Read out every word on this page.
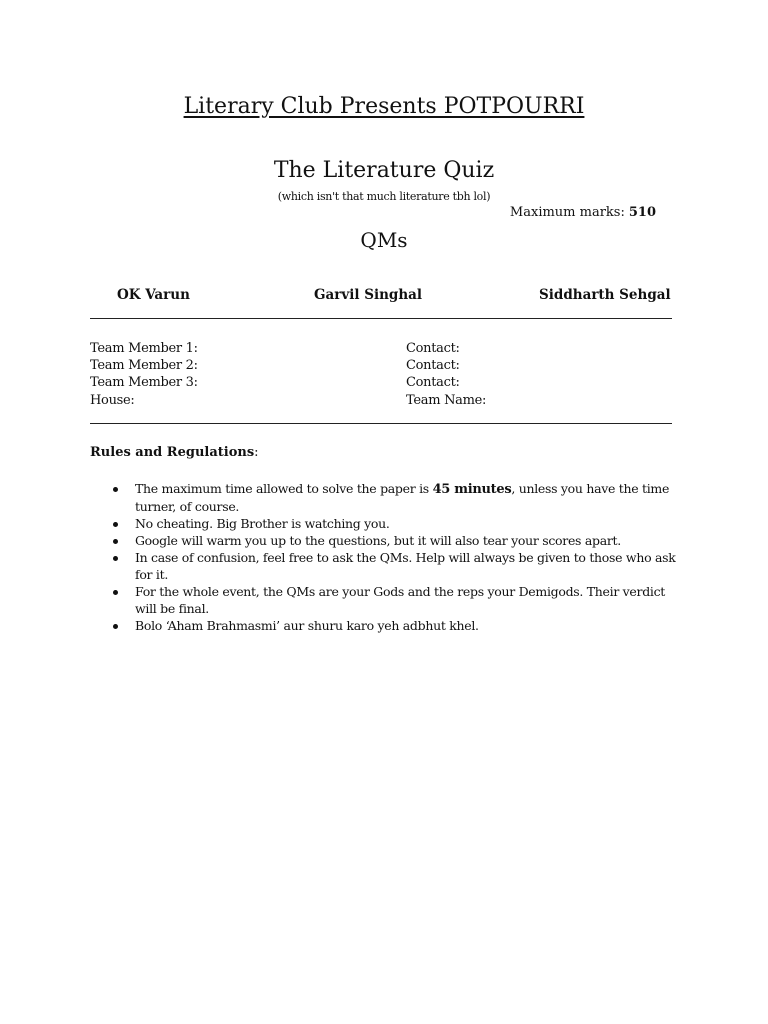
Literary Club Presents POTPOURRI
The Literature Quiz
(which isn't that much literature tbh lol)
Maximum marks: 510
QMs
OK Varun	Garvil Singhal	Siddharth Sehgal
Team Member 1:
Team Member 2:
Team Member 3:
House:
Contact:
Contact:
Contact:
Team Name:
Rules and Regulations:
The maximum time allowed to solve the paper is 45 minutes, unless you have the time turner, of course.
No cheating. Big Brother is watching you.
Google will warm you up to the questions, but it will also tear your scores apart.
In case of confusion, feel free to ask the QMs. Help will always be given to those who ask for it.
For the whole event, the QMs are your Gods and the reps your Demigods. Their verdict will be final.
Bolo ‘Aham Brahmasmi’ aur shuru karo yeh adbhut khel.
